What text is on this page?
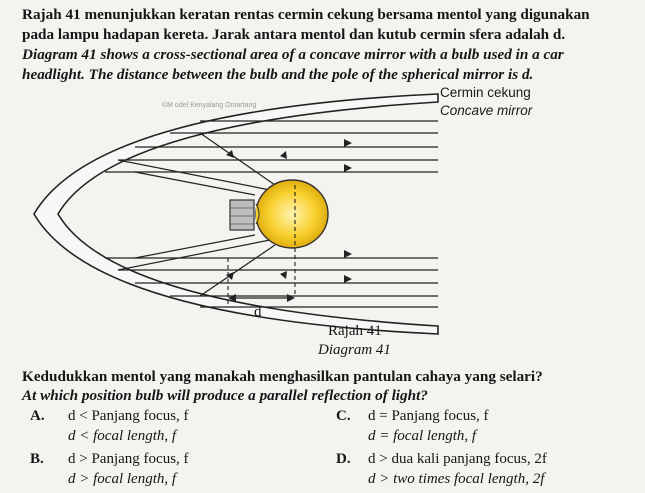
Rajah 41 menunjukkan keratan rentas cermin cekung bersama mentol yang digunakan
pada lampu hadapan kereta. Jarak antara mentol dan kutub cermin sfera adalah d.
Diagram 41 shows a cross-sectional area of a concave mirror with a bulb used in a car
headlight. The distance between the bulb and the pole of the spherical mirror is d.
©M odel Kenyalang Omartang
Cermin cekung
Concave mirror
d
Rajah 41
Diagram 41
Kedudukkan mentol yang manakah menghasilkan pantulan cahaya yang selari?
At which position bulb will produce a parallel reflection of light?
A. d < Panjang focus, f
d < focal length, f
B. d > Panjang focus, f
d > focal length, f
C. d = Panjang focus, f
d = focal length, f
D. d > dua kali panjang focus, 2f
d > two times focal length, 2f
